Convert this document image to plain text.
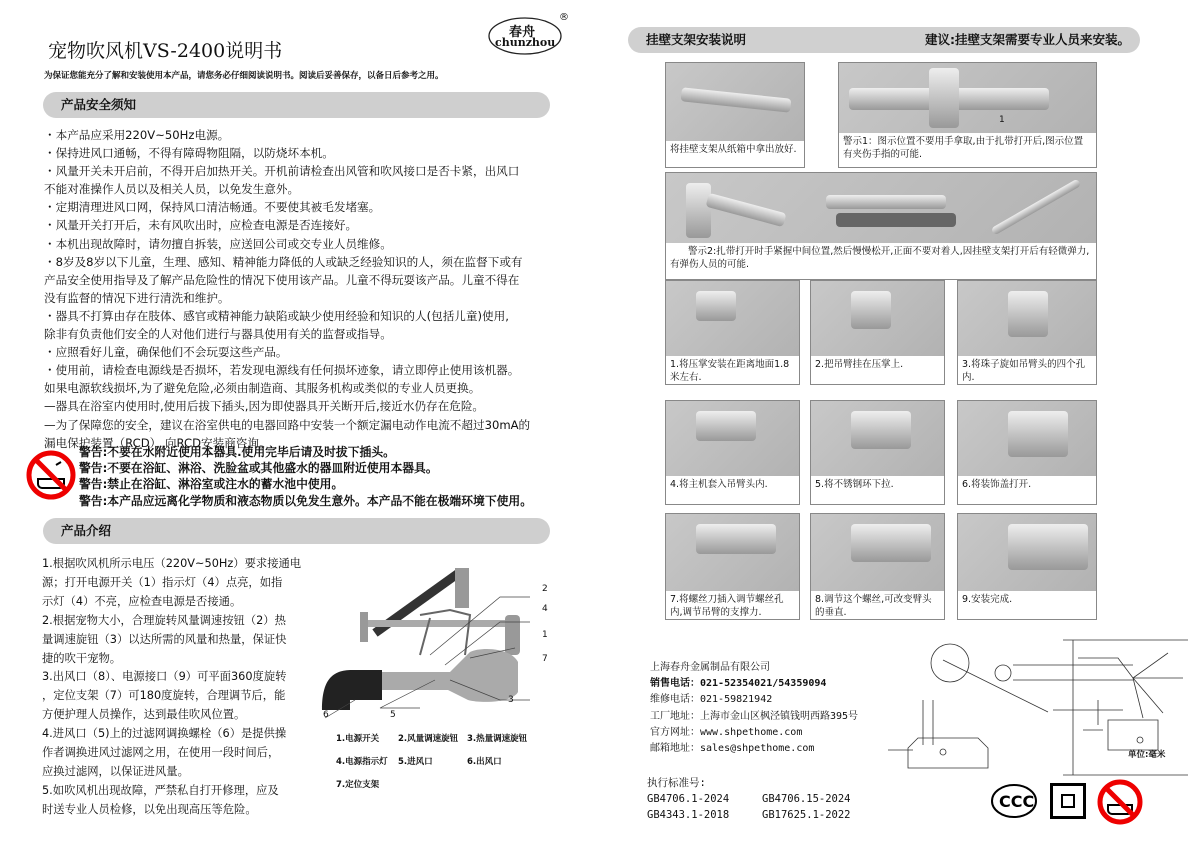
宠物吹风机VS-2400说明书
春舟
chunzhou
®
为保证您能充分了解和安装使用本产品，请您务必仔细阅读说明书。阅读后妥善保存，以备日后参考之用。
产品安全须知
・本产品应采用220V~50Hz电源。
・保持进风口通畅，不得有障碍物阻隔，以防烧坏本机。
・风量开关未开启前，不得开启加热开关。开机前请检查出风管和吹风接口是否卡紧，出风口
不能对准操作人员以及相关人员，以免发生意外。
・定期清理进风口网，保持风口清洁畅通。不要使其被毛发堵塞。
・风量开关打开后，未有风吹出时，应检查电源是否连接好。
・本机出现故障时，请勿擅自拆装，应送回公司或交专业人员维修。
・8岁及8岁以下儿童，生理、感知、精神能力降低的人或缺乏经验知识的人，须在监督下或有
产品安全使用指导及了解产品危险性的情况下使用该产品。儿童不得玩耍该产品。儿童不得在
没有监督的情况下进行清洗和维护。
・器具不打算由存在肢体、感官或精神能力缺陷或缺少使用经验和知识的人(包括儿童)使用,
除非有负责他们安全的人对他们进行与器具使用有关的监督或指导。
・应照看好儿童，确保他们不会玩耍这些产品。
・使用前，请检查电源线是否损坏，若发现电源线有任何损坏迹象，请立即停止使用该机器。
如果电源软线损坏,为了避免危险,必须由制造商、其服务机构或类似的专业人员更换。
—器具在浴室内使用时,使用后拔下插头,因为即使器具开关断开后,接近水仍存在危险。
—为了保障您的安全，建议在浴室供电的电器回路中安装一个额定漏电动作电流不超过30mA的
漏电保护装置（RCD）,向RCD安装商咨询。
警告:不要在水附近使用本器具.使用完毕后请及时拔下插头。
警告:不要在浴缸、淋浴、洗脸盆或其他盛水的器皿附近使用本器具。
警告:禁止在浴缸、淋浴室或注水的蓄水池中使用。
警告:本产品应远离化学物质和液态物质以免发生意外。本产品不能在极端环境下使用。
产品介绍
1.根据吹风机所示电压（220V~50Hz）要求接通电
源；打开电源开关（1）指示灯（4）点亮，如指
示灯（4）不亮，应检查电源是否接通。
2.根据宠物大小，合理旋转风量调速按钮（2）热
量调速旋钮（3）以达所需的风量和热量，保证快
捷的吹干宠物。
3.出风口（8）、电源接口（9）可平面360度旋转
，定位支架（7）可180度旋转，合理调节后，能
方便护理人员操作，达到最佳吹风位置。
4.进风口（5)上的过滤网调换螺栓（6）是提供操
作者调换进风过滤网之用，在使用一段时间后，
应换过滤网，以保证进风量。
5.如吹风机出现故障，严禁私自打开修理，应及
时送专业人员检修，以免出现高压等危险。
2
4
1
7
3
5
6
1.电源开关 2.风量调速旋钮 3.热量调速旋钮
4.电源指示灯 5.进风口	6.出风口
7.定位支架
挂壁支架安装说明	建议:挂壁支架需要专业人员来安装。
将挂壁支架从纸箱中拿出放好.
1
警示1：图示位置不要用手拿取,由于扎带打开后,图示位置有夹伤手指的可能.
警示2:扎带打开时手紧握中间位置,然后慢慢松开,正面不要对着人,因挂壁支架打开后有轻微弹力,有弹伤人员的可能.
1.将压掌安装在距离地面1.8米左右.
2.把吊臂挂在压掌上.	3.将珠子旋如吊臂头的四个孔内.
4.将主机套入吊臂头内.	5.将不锈钢环下拉.	6.将装饰盖打开.
7.将螺丝刀插入调节螺丝孔内,调节吊臂的支撑力.
8.调节这个螺丝,可改变臂头的垂直.
9.安装完成.
上海春舟金属制品有限公司
销售电话：021-52354021/54359094
维修电话：021-59821942
工厂地址：上海市金山区枫泾镇钱明西路395号
官方网址：www.shpethome.com
邮箱地址：sales@shpethome.com
执行标准号:
GB4706.1-2024	GB4706.15-2024
GB4343.1-2018	GB17625.1-2022
单位:毫米
CCC
